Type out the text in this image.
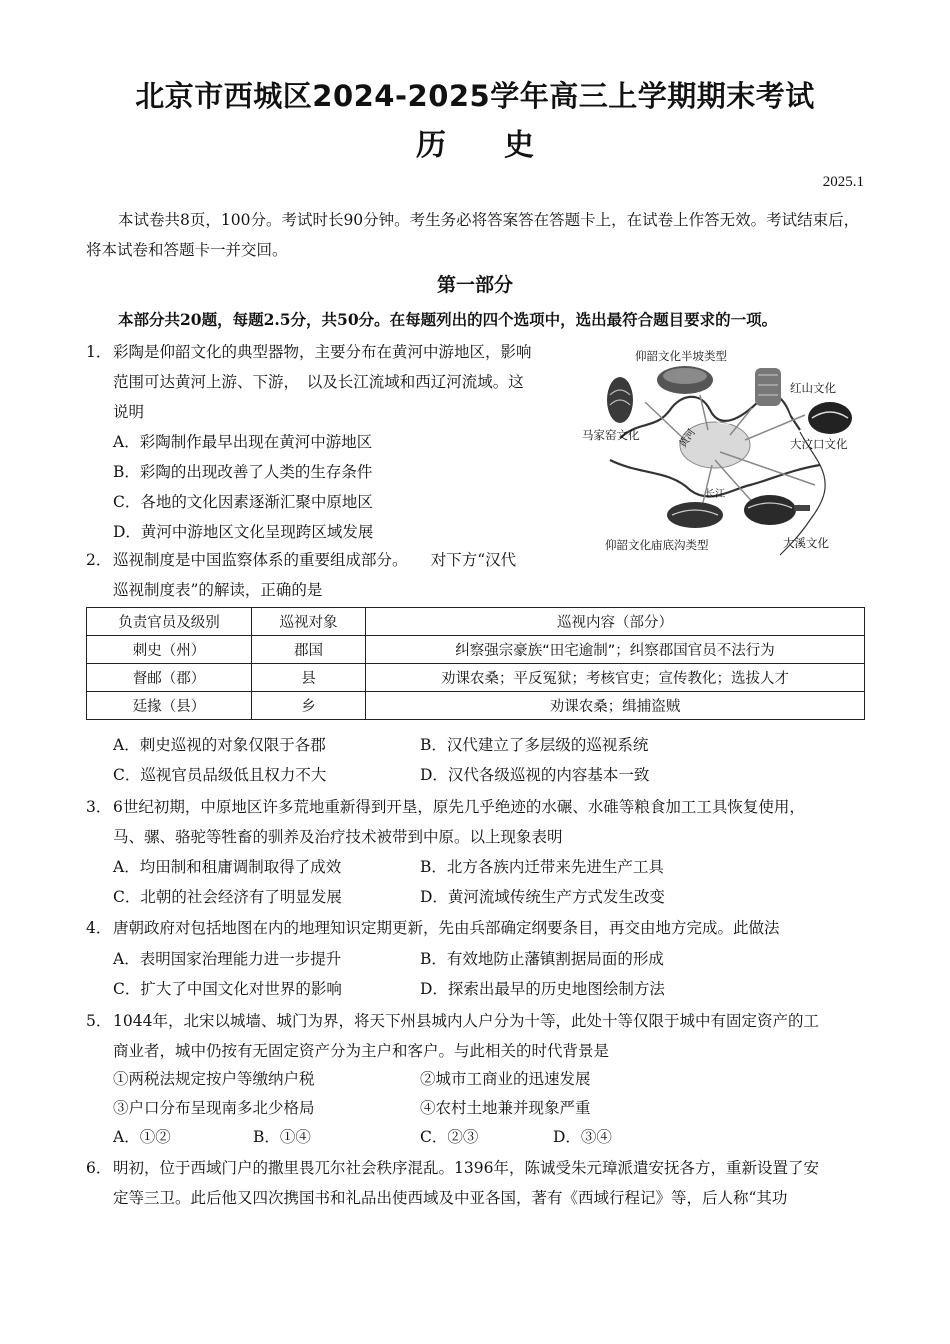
北京市西城区2024-2025学年高三上学期期末考试
历史
2025.1
本试卷共8页，100分。考试时长90分钟。考生务必将答案答在答题卡上，在试卷上作答无效。考试结束后，将本试卷和答题卡一并交回。
第一部分
本部分共20题，每题2.5分，共50分。在每题列出的四个选项中，选出最符合题目要求的一项。
1． 彩陶是仰韶文化的典型器物，主要分布在黄河中游地区，影响
范围可达黄河上游、下游，　以及长江流域和西辽河流域。这
说明
A．彩陶制作最早出现在黄河中游地区
B．彩陶的出现改善了人类的生存条件
C．各地的文化因素逐渐汇聚中原地区
D．黄河中游地区文化呈现跨区域发展
仰韶文化半坡类型
红山文化
马家窑文化
大汶口文化
黄河
长江
仰韶文化庙底沟类型	大溪文化
2． 巡视制度是中国监察体系的重要组成部分。　　对下方“汉代
巡视制度表”的解读，正确的是
负责官员及级别	巡视对象	巡视内容（部分）
刺史（州）	郡国	纠察强宗豪族“田宅逾制”；纠察郡国官员不法行为
督邮（郡）	县	劝课农桑；平反冤狱；考核官吏；宣传教化；选拔人才
廷掾（县）	乡	劝课农桑；缉捕盗贼
A．刺史巡视的对象仅限于各郡	B．汉代建立了多层级的巡视系统
C．巡视官员品级低且权力不大	D．汉代各级巡视的内容基本一致
3． 6世纪初期，中原地区许多荒地重新得到开垦，原先几乎绝迹的水碾、水碓等粮食加工工具恢复使用，
马、骡、骆驼等牲畜的驯养及治疗技术被带到中原。以上现象表明
A．均田制和租庸调制取得了成效	B．北方各族内迁带来先进生产工具
C．北朝的社会经济有了明显发展	D．黄河流域传统生产方式发生改变
4． 唐朝政府对包括地图在内的地理知识定期更新，先由兵部确定纲要条目，再交由地方完成。此做法
A．表明国家治理能力进一步提升	B．有效地防止藩镇割据局面的形成
C．扩大了中国文化对世界的影响	D．探索出最早的历史地图绘制方法
5． 1044年，北宋以城墙、城门为界，将天下州县城内人户分为十等，此处十等仅限于城中有固定资产的工
商业者，城中仍按有无固定资产分为主户和客户。与此相关的时代背景是
①两税法规定按户等缴纳户税	②城市工商业的迅速发展
③户口分布呈现南多北少格局	④农村土地兼并现象严重
A．①②	B．①④	C．②③	D．③④
6． 明初，位于西域门户的撒里畏兀尔社会秩序混乱。1396年，陈诚受朱元璋派遣安抚各方，重新设置了安
定等三卫。此后他又四次携国书和礼品出使西域及中亚各国，著有《西域行程记》等，后人称“其功
